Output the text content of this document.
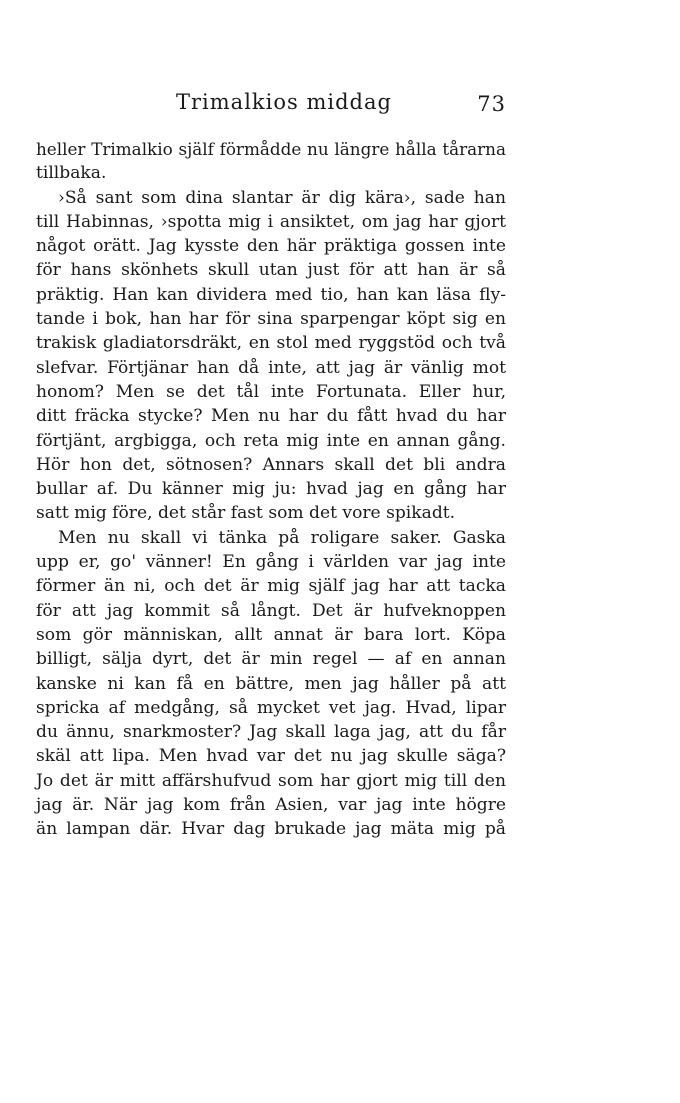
Trimalkios middag	73
heller Trimalkio själf förmådde nu längre hålla tårarna
tillbaka.
›Så sant som dina slantar är dig kära›, sade han
till Habinnas, ›spotta mig i ansiktet, om jag har gjort
något orätt. Jag kysste den här präktiga gossen inte
för hans skönhets skull utan just för att han är så
präktig. Han kan dividera med tio, han kan läsa fly-
tande i bok, han har för sina sparpengar köpt sig en
trakisk gladiatorsdräkt, en stol med ryggstöd och två
slefvar. Förtjänar han då inte, att jag är vänlig mot
honom? Men se det tål inte Fortunata. Eller hur,
ditt fräcka stycke? Men nu har du fått hvad du har
förtjänt, argbigga, och reta mig inte en annan gång.
Hör hon det, sötnosen? Annars skall det bli andra
bullar af. Du känner mig ju: hvad jag en gång har
satt mig före, det står fast som det vore spikadt.
Men nu skall vi tänka på roligare saker. Gaska
upp er, go' vänner! En gång i världen var jag inte
förmer än ni, och det är mig själf jag har att tacka
för att jag kommit så långt. Det är hufveknoppen
som gör människan, allt annat är bara lort. Köpa
billigt, sälja dyrt, det är min regel — af en annan
kanske ni kan få en bättre, men jag håller på att
spricka af medgång, så mycket vet jag. Hvad, lipar
du ännu, snarkmoster? Jag skall laga jag, att du får
skäl att lipa. Men hvad var det nu jag skulle säga?
Jo det är mitt affärshufvud som har gjort mig till den
jag är. När jag kom från Asien, var jag inte högre
än lampan där. Hvar dag brukade jag mäta mig på
